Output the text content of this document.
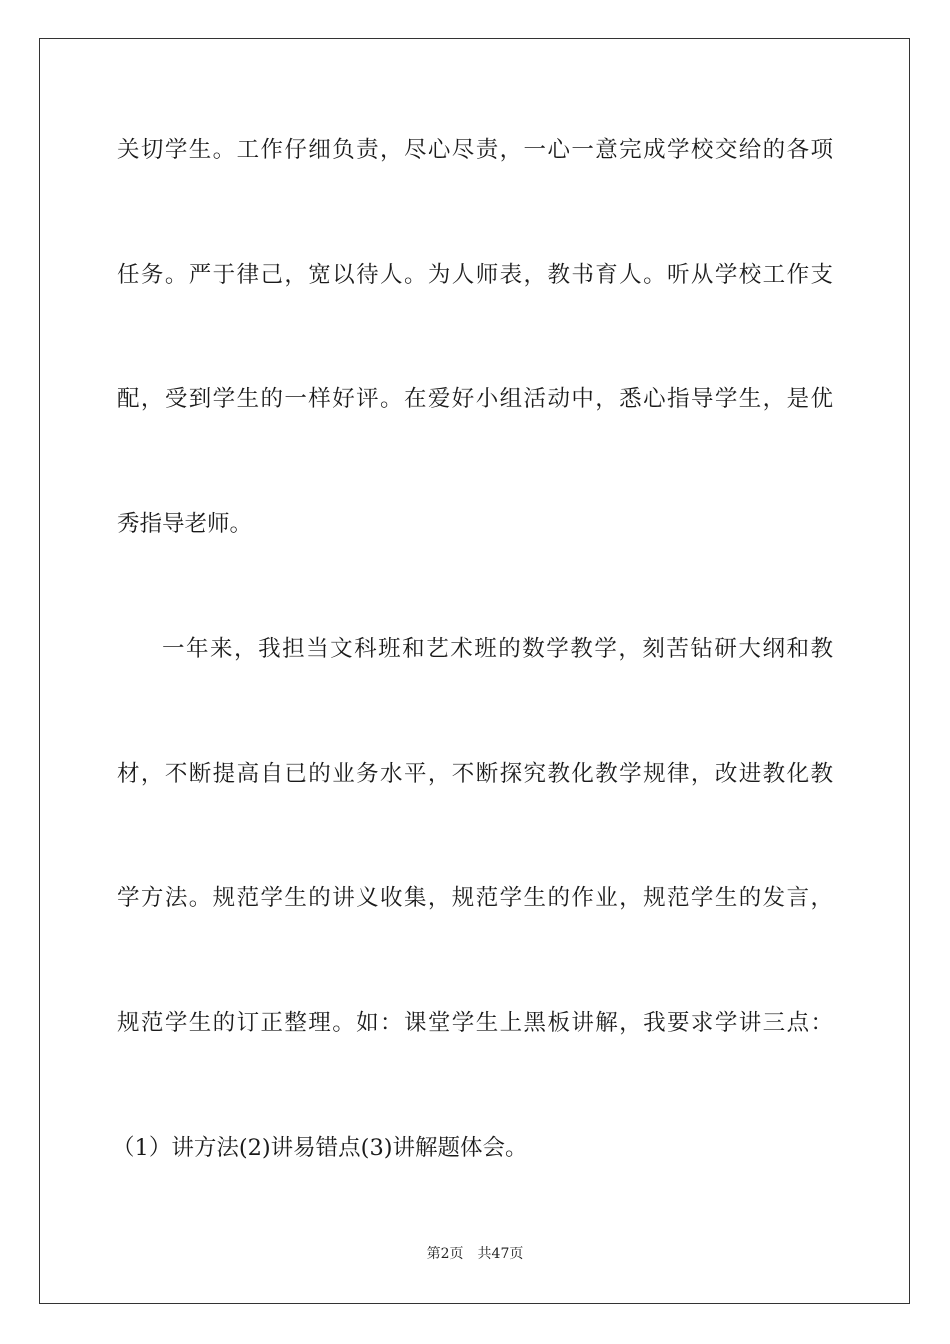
关切学生。工作仔细负责，尽心尽责，一心一意完成学校交给的各项
任务。严于律己，宽以待人。为人师表，教书育人。听从学校工作支
配，受到学生的一样好评。在爱好小组活动中，悉心指导学生，是优
秀指导老师。
一年来，我担当文科班和艺术班的数学教学，刻苦钻研大纲和教
材，不断提高自已的业务水平，不断探究教化教学规律，改进教化教
学方法。规范学生的讲义收集，规范学生的作业，规范学生的发言，
规范学生的订正整理。如：课堂学生上黑板讲解，我要求学讲三点：
（1）讲方法(2)讲易错点(3)讲解题体会。
第2页 共47页
